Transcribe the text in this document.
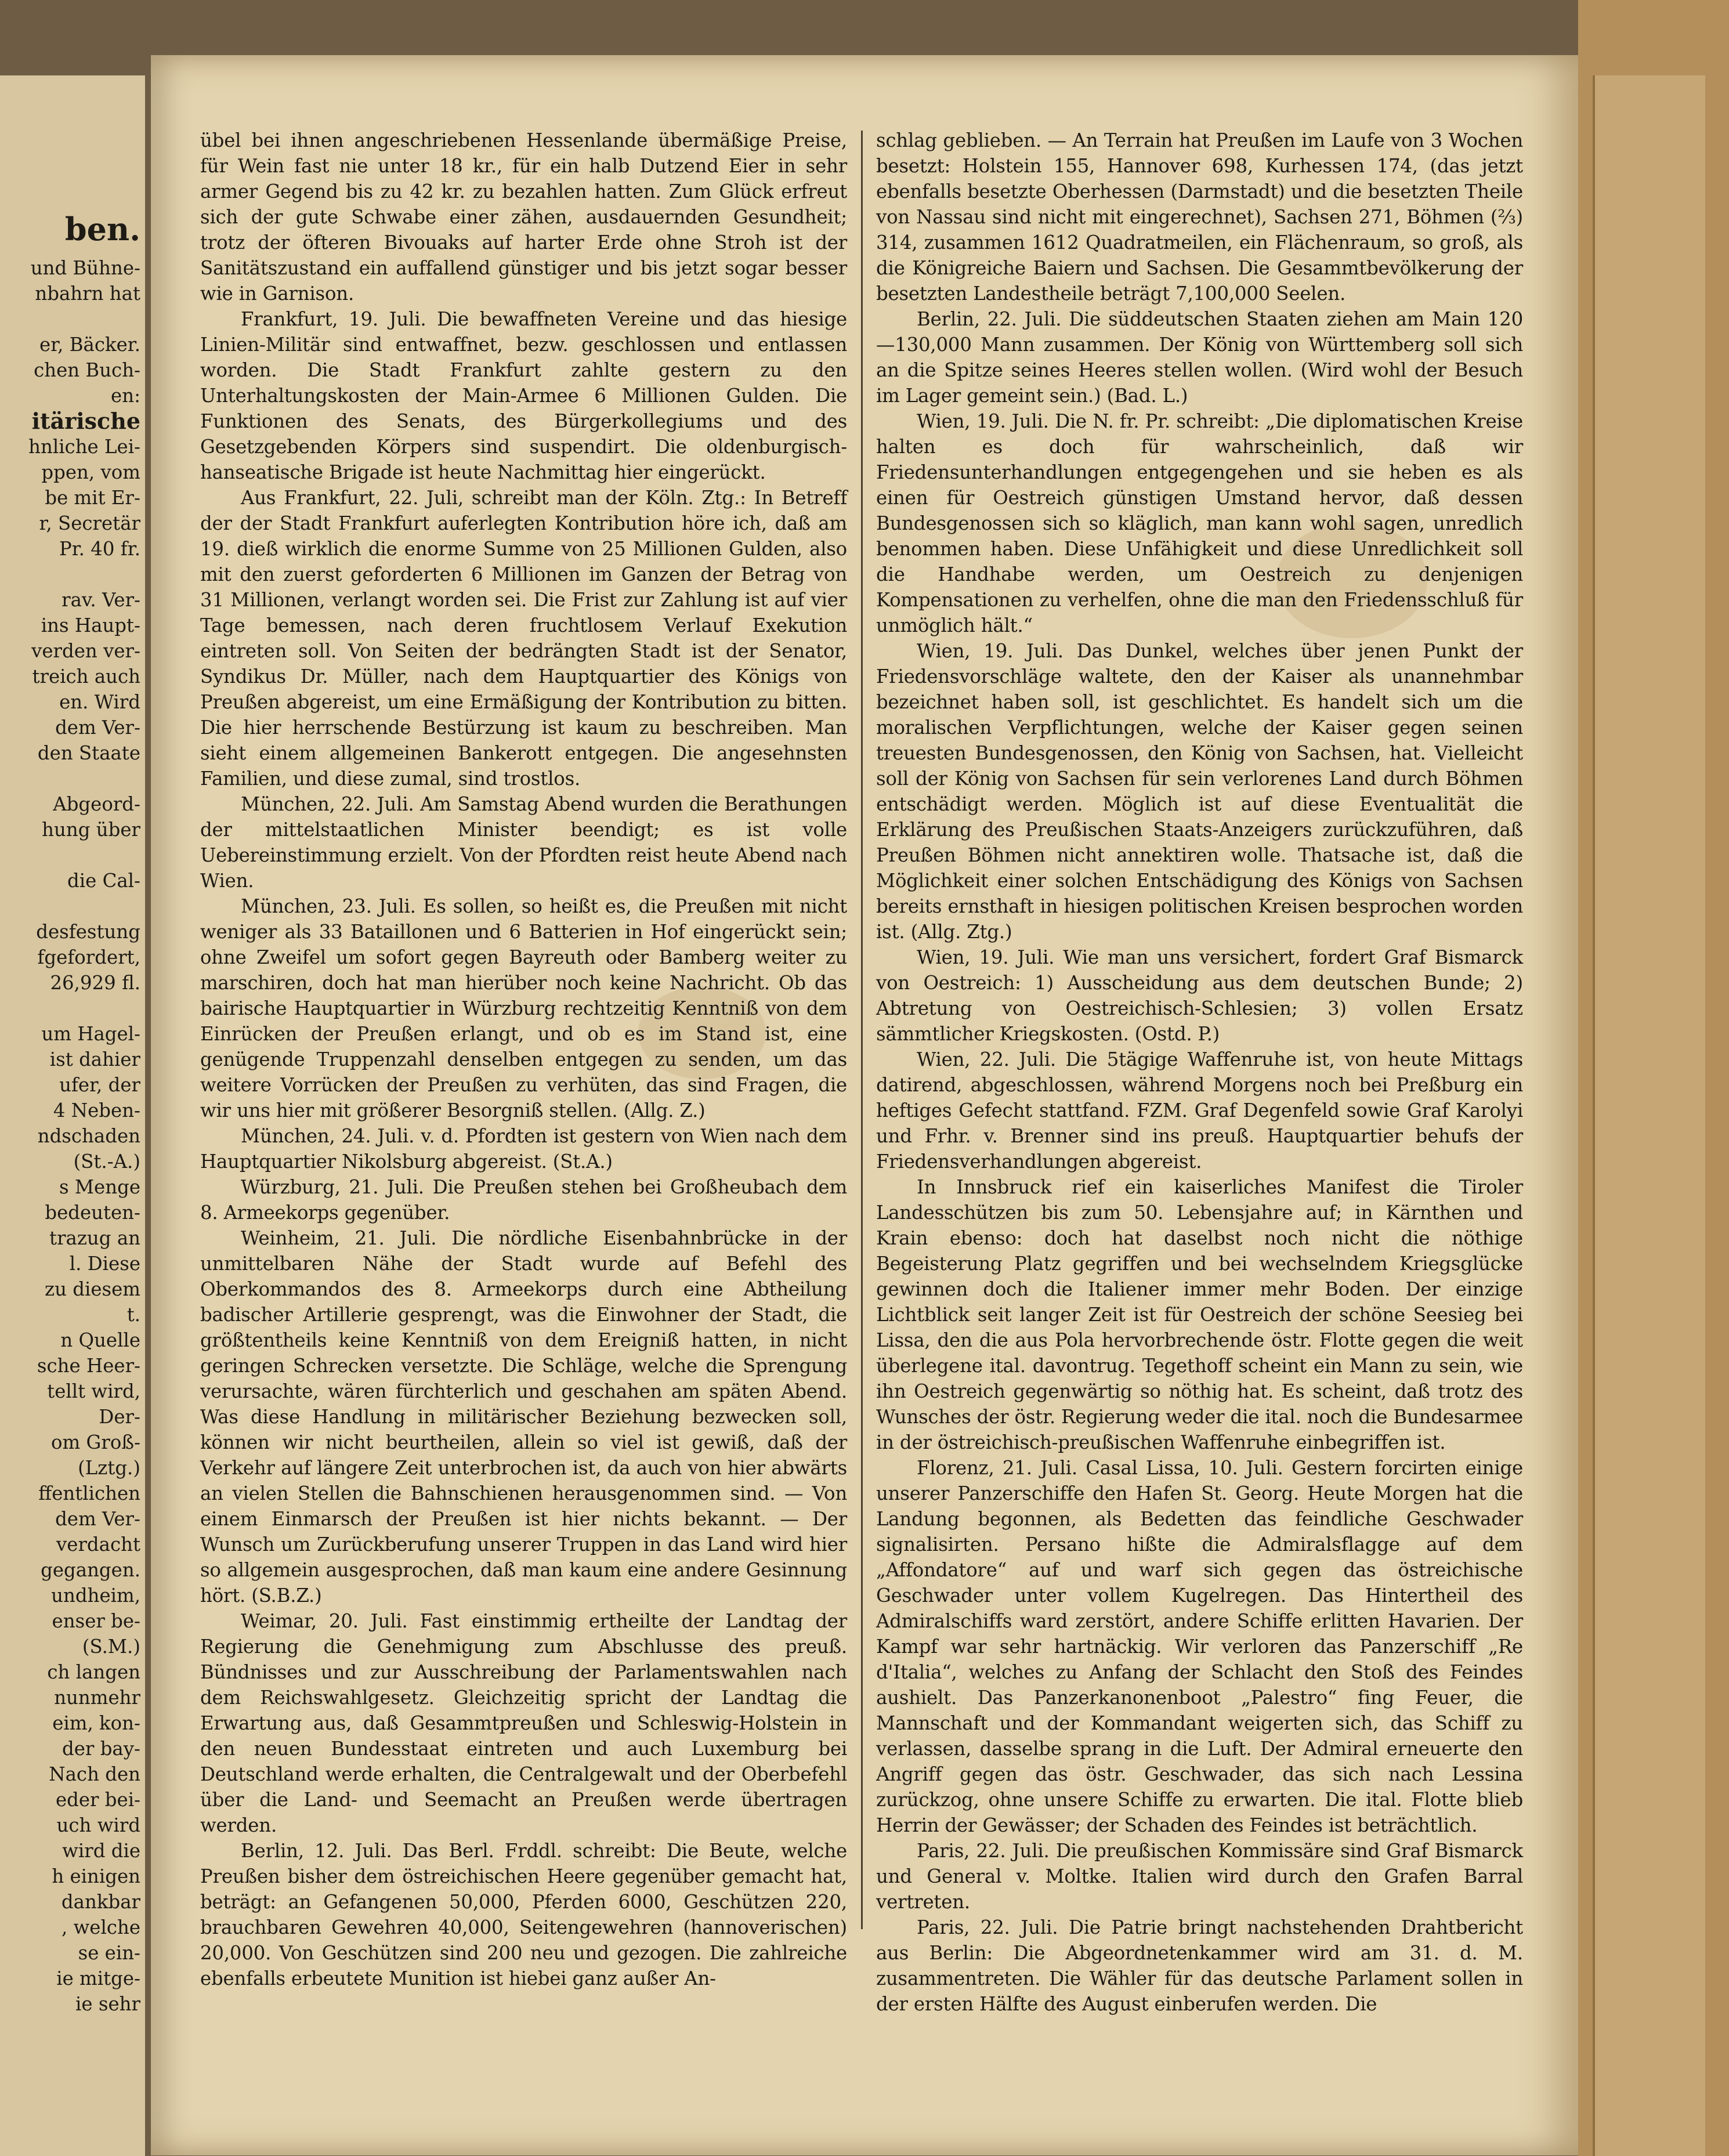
ben.
und Bühne-
nbahrn hat
er, Bäcker.
chen Buch-
en:
itärische
hnliche Lei-
ppen, vom
be mit Er-
r, Secretär
Pr. 40 fr.
rav. Ver-
ins Haupt-
verden ver-
treich auch
en. Wird
dem Ver-
den Staate
Abgeord-
hung über
die Cal-
desfestung
fgefordert,
26,929 fl.
um Hagel-
ist dahier
ufer, der
4 Neben-
ndschaden
(St.-A.)
s Menge
bedeuten-
trazug an
l. Diese
zu diesem
t.
n Quelle
sche Heer-
tellt wird,
Der-
om Groß-
(Lztg.)
ffentlichen
dem Ver-
verdacht
gegangen.
undheim,
enser be-
(S.M.)
ch langen
nunmehr
eim, kon-
der bay-
Nach den
eder bei-
uch wird
wird die
h einigen
dankbar
, welche
se ein-
ie mitge-
ie sehr

übel bei ihnen angeschriebenen Hessenlande übermäßige Preise, für Wein fast nie unter 18 kr., für ein halb Dutzend Eier in sehr armer Gegend bis zu 42 kr. zu bezahlen hatten. Zum Glück erfreut sich der gute Schwabe einer zähen, ausdauernden Gesundheit; trotz der öfteren Bivouaks auf harter Erde ohne Stroh ist der Sanitätszustand ein auffallend günstiger und bis jetzt sogar besser wie in Garnison.

Frankfurt, 19. Juli. Die bewaffneten Vereine und das hiesige Linien-Militär sind entwaffnet, bezw. geschlossen und entlassen worden. Die Stadt Frankfurt zahlte gestern zu den Unterhaltungskosten der Main-Armee 6 Millionen Gulden. Die Funktionen des Senats, des Bürgerkollegiums und des Gesetzgebenden Körpers sind suspendirt. Die oldenburgisch-hanseatische Brigade ist heute Nachmittag hier eingerückt.

Aus Frankfurt, 22. Juli, schreibt man der Köln. Ztg.: In Betreff der der Stadt Frankfurt auferlegten Kontribution höre ich, daß am 19. dieß wirklich die enorme Summe von 25 Millionen Gulden, also mit den zuerst geforderten 6 Millionen im Ganzen der Betrag von 31 Millionen, verlangt worden sei. Die Frist zur Zahlung ist auf vier Tage bemessen, nach deren fruchtlosem Verlauf Exekution eintreten soll. Von Seiten der bedrängten Stadt ist der Senator, Syndikus Dr. Müller, nach dem Hauptquartier des Königs von Preußen abgereist, um eine Ermäßigung der Kontribution zu bitten. Die hier herrschende Bestürzung ist kaum zu beschreiben. Man sieht einem allgemeinen Bankerott entgegen. Die angesehnsten Familien, und diese zumal, sind trostlos.

München, 22. Juli. Am Samstag Abend wurden die Berathungen der mittelstaatlichen Minister beendigt; es ist volle Uebereinstimmung erzielt. Von der Pfordten reist heute Abend nach Wien.

München, 23. Juli. Es sollen, so heißt es, die Preußen mit nicht weniger als 33 Bataillonen und 6 Batterien in Hof eingerückt sein; ohne Zweifel um sofort gegen Bayreuth oder Bamberg weiter zu marschiren, doch hat man hierüber noch keine Nachricht. Ob das bairische Hauptquartier in Würzburg rechtzeitig Kenntniß von dem Einrücken der Preußen erlangt, und ob es im Stand ist, eine genügende Truppenzahl denselben entgegen zu senden, um das weitere Vorrücken der Preußen zu verhüten, das sind Fragen, die wir uns hier mit größerer Besorgniß stellen. (Allg. Z.)

München, 24. Juli. v. d. Pfordten ist gestern von Wien nach dem Hauptquartier Nikolsburg abgereist. (St.A.)

Würzburg, 21. Juli. Die Preußen stehen bei Großheubach dem 8. Armeekorps gegenüber.

Weinheim, 21. Juli. Die nördliche Eisenbahnbrücke in der unmittelbaren Nähe der Stadt wurde auf Befehl des Oberkommandos des 8. Armeekorps durch eine Abtheilung badischer Artillerie gesprengt, was die Einwohner der Stadt, die größtentheils keine Kenntniß von dem Ereigniß hatten, in nicht geringen Schrecken versetzte. Die Schläge, welche die Sprengung verursachte, wären fürchterlich und geschahen am späten Abend. Was diese Handlung in militärischer Beziehung bezwecken soll, können wir nicht beurtheilen, allein so viel ist gewiß, daß der Verkehr auf längere Zeit unterbrochen ist, da auch von hier abwärts an vielen Stellen die Bahnschienen herausgenommen sind. — Von einem Einmarsch der Preußen ist hier nichts bekannt. — Der Wunsch um Zurückberufung unserer Truppen in das Land wird hier so allgemein ausgesprochen, daß man kaum eine andere Gesinnung hört. (S.B.Z.)

Weimar, 20. Juli. Fast einstimmig ertheilte der Landtag der Regierung die Genehmigung zum Abschlusse des preuß. Bündnisses und zur Ausschreibung der Parlamentswahlen nach dem Reichswahlgesetz. Gleichzeitig spricht der Landtag die Erwartung aus, daß Gesammtpreußen und Schleswig-Holstein in den neuen Bundesstaat eintreten und auch Luxemburg bei Deutschland werde erhalten, die Centralgewalt und der Oberbefehl über die Land- und Seemacht an Preußen werde übertragen werden.

Berlin, 12. Juli. Das Berl. Frddl. schreibt: Die Beute, welche Preußen bisher dem östreichischen Heere gegenüber gemacht hat, beträgt: an Gefangenen 50,000, Pferden 6000, Geschützen 220, brauchbaren Gewehren 40,000, Seitengewehren (hannoverischen) 20,000. Von Geschützen sind 200 neu und gezogen. Die zahlreiche ebenfalls erbeutete Munition ist hiebei ganz außer An-

schlag geblieben. — An Terrain hat Preußen im Laufe von 3 Wochen besetzt: Holstein 155, Hannover 698, Kurhessen 174, (das jetzt ebenfalls besetzte Oberhessen (Darmstadt) und die besetzten Theile von Nassau sind nicht mit eingerechnet), Sachsen 271, Böhmen (⅔) 314, zusammen 1612 Quadratmeilen, ein Flächenraum, so groß, als die Königreiche Baiern und Sachsen. Die Gesammtbevölkerung der besetzten Landestheile beträgt 7,100,000 Seelen.

Berlin, 22. Juli. Die süddeutschen Staaten ziehen am Main 120—130,000 Mann zusammen. Der König von Württemberg soll sich an die Spitze seines Heeres stellen wollen. (Wird wohl der Besuch im Lager gemeint sein.) (Bad. L.)

Wien, 19. Juli. Die N. fr. Pr. schreibt: „Die diplomatischen Kreise halten es doch für wahrscheinlich, daß wir Friedensunterhandlungen entgegengehen und sie heben es als einen für Oestreich günstigen Umstand hervor, daß dessen Bundesgenossen sich so kläglich, man kann wohl sagen, unredlich benommen haben. Diese Unfähigkeit und diese Unredlichkeit soll die Handhabe werden, um Oestreich zu denjenigen Kompensationen zu verhelfen, ohne die man den Friedensschluß für unmöglich hält.“

Wien, 19. Juli. Das Dunkel, welches über jenen Punkt der Friedensvorschläge waltete, den der Kaiser als unannehmbar bezeichnet haben soll, ist geschlichtet. Es handelt sich um die moralischen Verpflichtungen, welche der Kaiser gegen seinen treuesten Bundesgenossen, den König von Sachsen, hat. Vielleicht soll der König von Sachsen für sein verlorenes Land durch Böhmen entschädigt werden. Möglich ist auf diese Eventualität die Erklärung des Preußischen Staats-Anzeigers zurückzuführen, daß Preußen Böhmen nicht annektiren wolle. Thatsache ist, daß die Möglichkeit einer solchen Entschädigung des Königs von Sachsen bereits ernsthaft in hiesigen politischen Kreisen besprochen worden ist. (Allg. Ztg.)

Wien, 19. Juli. Wie man uns versichert, fordert Graf Bismarck von Oestreich: 1) Ausscheidung aus dem deutschen Bunde; 2) Abtretung von Oestreichisch-Schlesien; 3) vollen Ersatz sämmtlicher Kriegskosten. (Ostd. P.)

Wien, 22. Juli. Die 5tägige Waffenruhe ist, von heute Mittags datirend, abgeschlossen, während Morgens noch bei Preßburg ein heftiges Gefecht stattfand. FZM. Graf Degenfeld sowie Graf Karolyi und Frhr. v. Brenner sind ins preuß. Hauptquartier behufs der Friedensverhandlungen abgereist.

In Innsbruck rief ein kaiserliches Manifest die Tiroler Landesschützen bis zum 50. Lebensjahre auf; in Kärnthen und Krain ebenso: doch hat daselbst noch nicht die nöthige Begeisterung Platz gegriffen und bei wechselndem Kriegsglücke gewinnen doch die Italiener immer mehr Boden. Der einzige Lichtblick seit langer Zeit ist für Oestreich der schöne Seesieg bei Lissa, den die aus Pola hervorbrechende östr. Flotte gegen die weit überlegene ital. davontrug. Tegethoff scheint ein Mann zu sein, wie ihn Oestreich gegenwärtig so nöthig hat. Es scheint, daß trotz des Wunsches der östr. Regierung weder die ital. noch die Bundesarmee in der östreichisch-preußischen Waffenruhe einbegriffen ist.

Florenz, 21. Juli. Casal Lissa, 10. Juli. Gestern forcirten einige unserer Panzerschiffe den Hafen St. Georg. Heute Morgen hat die Landung begonnen, als Bedetten das feindliche Geschwader signalisirten. Persano hißte die Admiralsflagge auf dem „Affondatore“ auf und warf sich gegen das östreichische Geschwader unter vollem Kugelregen. Das Hintertheil des Admiralschiffs ward zerstört, andere Schiffe erlitten Havarien. Der Kampf war sehr hartnäckig. Wir verloren das Panzerschiff „Re d'Italia“, welches zu Anfang der Schlacht den Stoß des Feindes aushielt. Das Panzerkanonenboot „Palestro“ fing Feuer, die Mannschaft und der Kommandant weigerten sich, das Schiff zu verlassen, dasselbe sprang in die Luft. Der Admiral erneuerte den Angriff gegen das östr. Geschwader, das sich nach Lessina zurückzog, ohne unsere Schiffe zu erwarten. Die ital. Flotte blieb Herrin der Gewässer; der Schaden des Feindes ist beträchtlich.

Paris, 22. Juli. Die preußischen Kommissäre sind Graf Bismarck und General v. Moltke. Italien wird durch den Grafen Barral vertreten.

Paris, 22. Juli. Die Patrie bringt nachstehenden Drahtbericht aus Berlin: Die Abgeordnetenkammer wird am 31. d. M. zusammentreten. Die Wähler für das deutsche Parlament sollen in der ersten Hälfte des August einberufen werden. Die
